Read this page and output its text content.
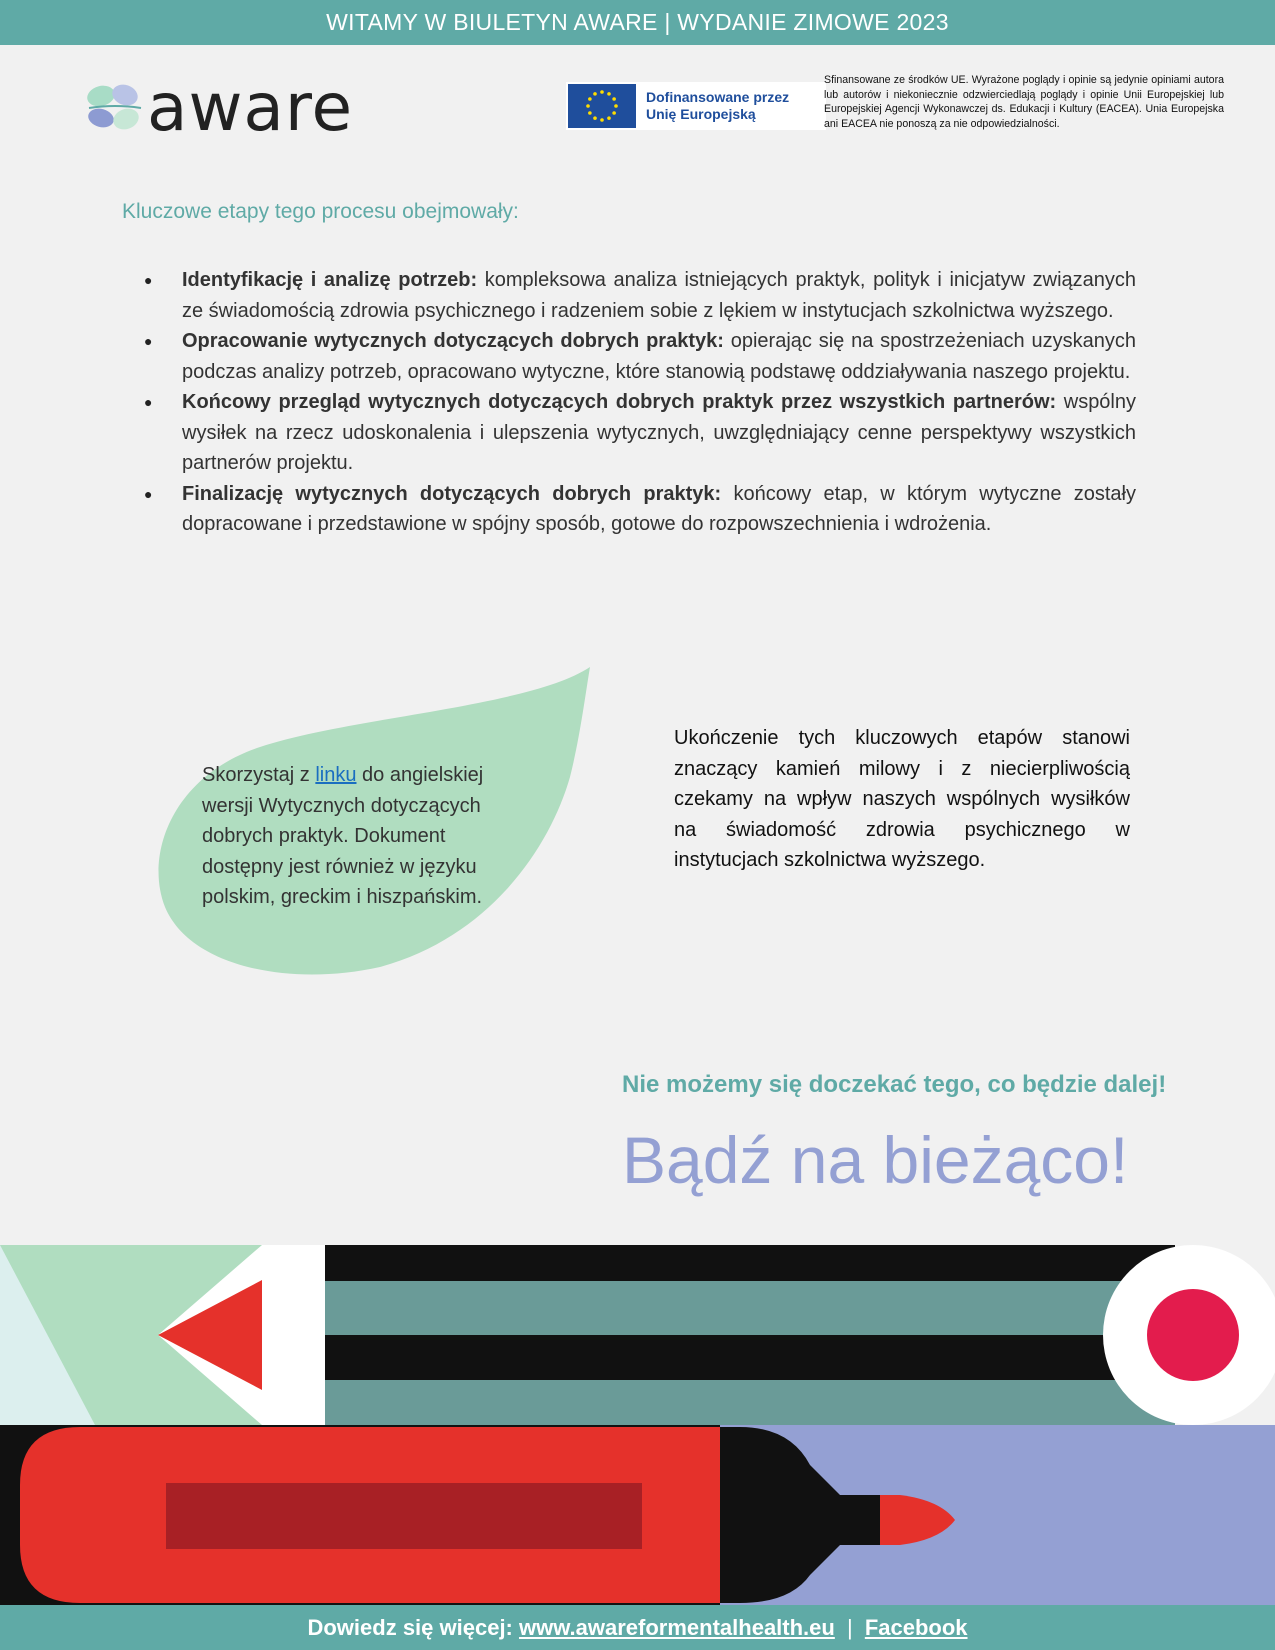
WITAMY W BIULETYN AWARE | WYDANIE ZIMOWE 2023
aware	Dofinansowane przez
Unię Europejską
Sfinansowane ze środków UE. Wyrażone poglądy i opinie są jedynie opiniami autora lub autorów i niekoniecznie odzwierciedlają poglądy i opinie Unii Europejskiej lub Europejskiej Agencji Wykonawczej ds. Edukacji i Kultury (EACEA). Unia Europejska ani EACEA nie ponoszą za nie odpowiedzialności.
Kluczowe etapy tego procesu obejmowały:
● Identyfikację i analizę potrzeb: kompleksowa analiza istniejących praktyk, polityk i inicjatyw związanych ze świadomością zdrowia psychicznego i radzeniem sobie z lękiem w instytucjach szkolnictwa wyższego.
● Opracowanie wytycznych dotyczących dobrych praktyk: opierając się na spostrzeżeniach uzyskanych podczas analizy potrzeb, opracowano wytyczne, które stanowią podstawę oddziaływania naszego projektu.
● Końcowy przegląd wytycznych dotyczących dobrych praktyk przez wszystkich partnerów: wspólny wysiłek na rzecz udoskonalenia i ulepszenia wytycznych, uwzględniający cenne perspektywy wszystkich partnerów projektu.
● Finalizację wytycznych dotyczących dobrych praktyk: końcowy etap, w którym wytyczne zostały dopracowane i przedstawione w spójny sposób, gotowe do rozpowszechnienia i wdrożenia.
Skorzystaj z linku do angielskiej wersji Wytycznych dotyczących dobrych praktyk. Dokument dostępny jest również w języku polskim, greckim i hiszpańskim.
Ukończenie tych kluczowych etapów stanowi znaczący kamień milowy i z niecierpliwością czekamy na wpływ naszych wspólnych wysiłków na świadomość zdrowia psychicznego w instytucjach szkolnictwa wyższego.
Nie możemy się doczekać tego, co będzie dalej!
Bądź na bieżąco!
Dowiedz się więcej: www.awareformentalhealth.eu | Facebook
